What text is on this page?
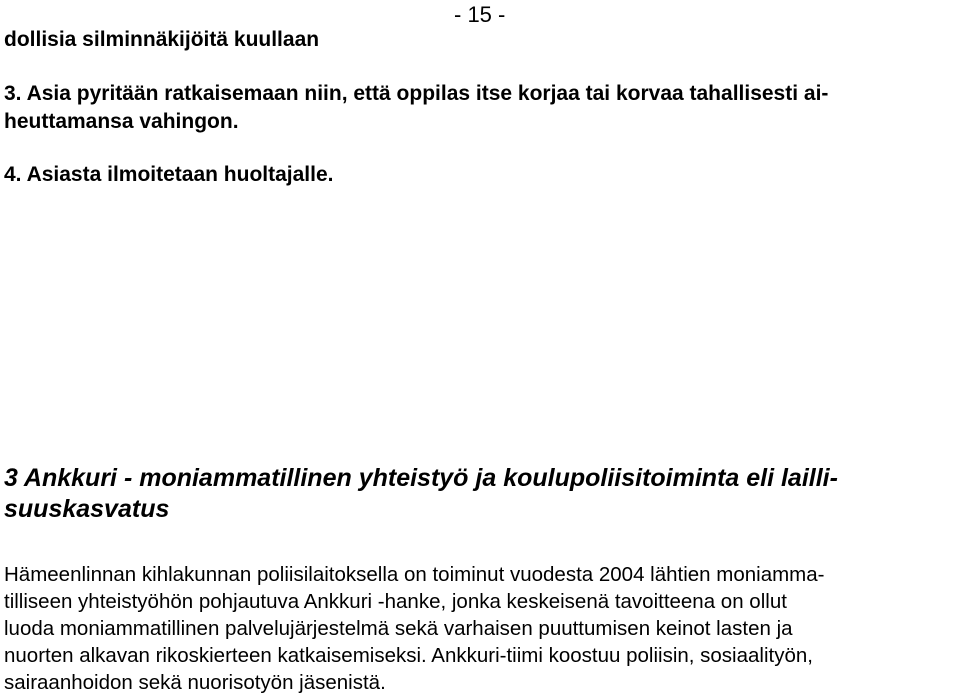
- 15 -
dollisia silminnäkijöitä kuullaan
3. Asia pyritään ratkaisemaan niin, että oppilas itse korjaa tai korvaa tahallisesti ai-
heuttamansa vahingon.
4. Asiasta ilmoitetaan huoltajalle.
3 Ankkuri - moniammatillinen yhteistyö ja koulupoliisitoiminta eli lailli-
suuskasvatus
Hämeenlinnan kihlakunnan poliisilaitoksella on toiminut vuodesta 2004 lähtien moniamma-
tilliseen yhteistyöhön pohjautuva Ankkuri -hanke, jonka keskeisenä tavoitteena on ollut
luoda moniammatillinen palvelujärjestelmä sekä varhaisen puuttumisen keinot lasten ja
nuorten alkavan rikoskierteen katkaisemiseksi. Ankkuri-tiimi koostuu poliisin, sosiaalityön,
sairaanhoidon sekä nuorisotyön jäsenistä.
